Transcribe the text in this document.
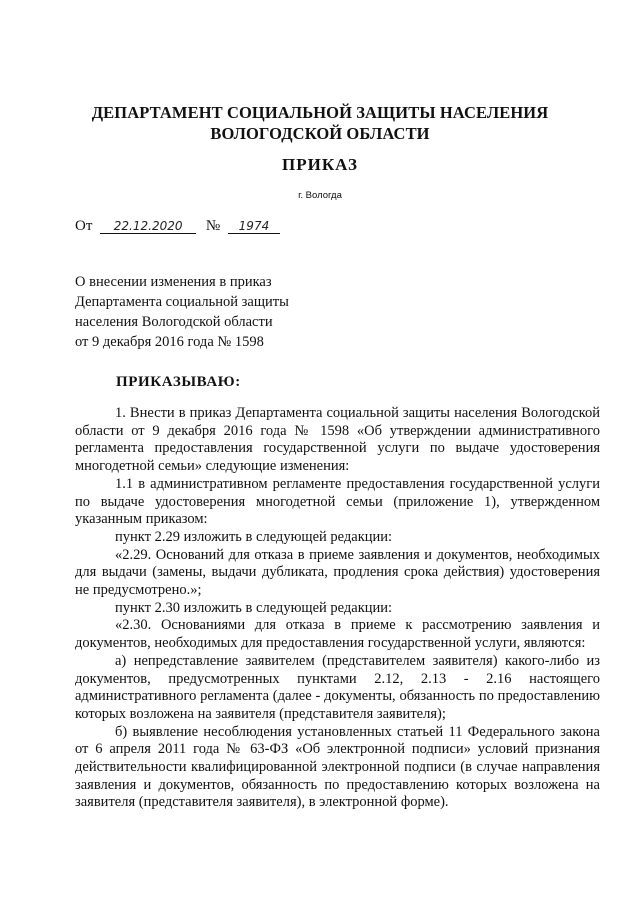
ДЕПАРТАМЕНТ СОЦИАЛЬНОЙ ЗАЩИТЫ НАСЕЛЕНИЯ
ВОЛОГОДСКОЙ ОБЛАСТИ
ПРИКАЗ
г. Вологда
От 22.12.2020 № 1974
О внесении изменения в приказ
Департамента социальной защиты
населения Вологодской области
от 9 декабря 2016 года № 1598
ПРИКАЗЫВАЮ:

1. Внести в приказ Департамента социальной защиты населения Вологодской области от 9 декабря 2016 года № 1598 «Об утверждении административного регламента предоставления государственной услуги по выдаче удостоверения многодетной семьи» следующие изменения:

1.1 в административном регламенте предоставления государственной услуги по выдаче удостоверения многодетной семьи (приложение 1), утвержденном указанным приказом:

пункт 2.29 изложить в следующей редакции:

«2.29. Оснований для отказа в приеме заявления и документов, необходимых для выдачи (замены, выдачи дубликата, продления срока действия) удостоверения не предусмотрено.»;

пункт 2.30 изложить в следующей редакции:

«2.30. Основаниями для отказа в приеме к рассмотрению заявления и документов, необходимых для предоставления государственной услуги, являются:

а) непредставление заявителем (представителем заявителя) какого-либо из документов, предусмотренных пунктами 2.12, 2.13 - 2.16 настоящего административного регламента (далее - документы, обязанность по предоставлению которых возложена на заявителя (представителя заявителя);

б) выявление несоблюдения установленных статьей 11 Федерального закона от 6 апреля 2011 года № 63-ФЗ «Об электронной подписи» условий признания действительности квалифицированной электронной подписи (в случае направления заявления и документов, обязанность по предоставлению которых возложена на заявителя (представителя заявителя), в электронной форме).
